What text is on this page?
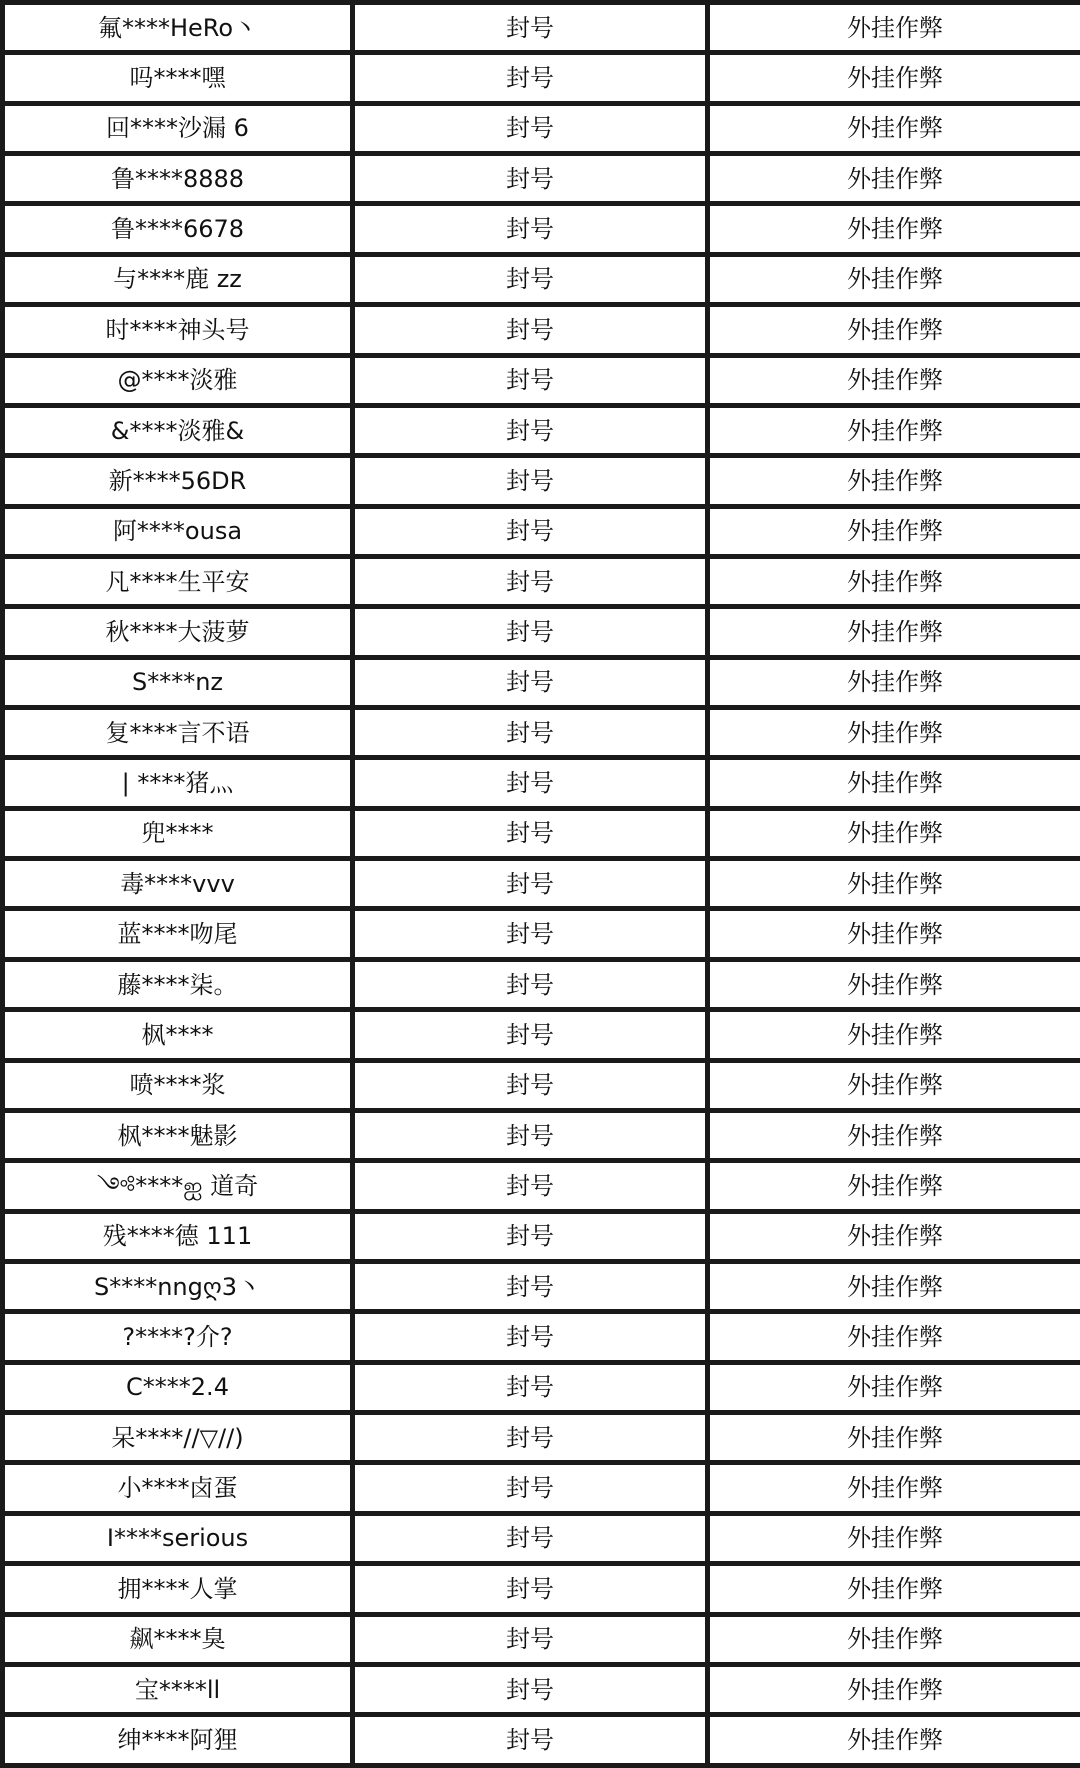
氟****HeRo丶	封号	外挂作弊
吗****嘿	封号	外挂作弊
回****沙漏 6	封号	外挂作弊
鲁****8888	封号	外挂作弊
鲁****6678	封号	外挂作弊
与****鹿 zz	封号	外挂作弊
时****神头号	封号	外挂作弊
@****淡雅	封号	外挂作弊
&****淡雅&	封号	外挂作弊
新****56DR	封号	外挂作弊
阿****ousa	封号	外挂作弊
凡****生平安	封号	外挂作弊
秋****大菠萝	封号	外挂作弊
S****nz	封号	外挂作弊
复****言不语	封号	外挂作弊
| ****猪灬	封号	外挂作弊
兜****	封号	外挂作弊
毒****vvv	封号	外挂作弊
蓝****吻尾	封号	外挂作弊
藤****柒。	封号	外挂作弊
枫****	封号	外挂作弊
喷****浆	封号	外挂作弊
枫****魅影	封号	外挂作弊
༺****ஐ 道奇	封号	外挂作弊
残****德 111	封号	外挂作弊
S****nngღ3丶	封号	外挂作弊
?****?介?	封号	外挂作弊
C****2.4	封号	外挂作弊
呆****//▽//)	封号	外挂作弊
小****卤蛋	封号	外挂作弊
I****serious	封号	外挂作弊
拥****人掌	封号	外挂作弊
飙****臭	封号	外挂作弊
宝****ll	封号	外挂作弊
绅****阿狸	封号	外挂作弊
